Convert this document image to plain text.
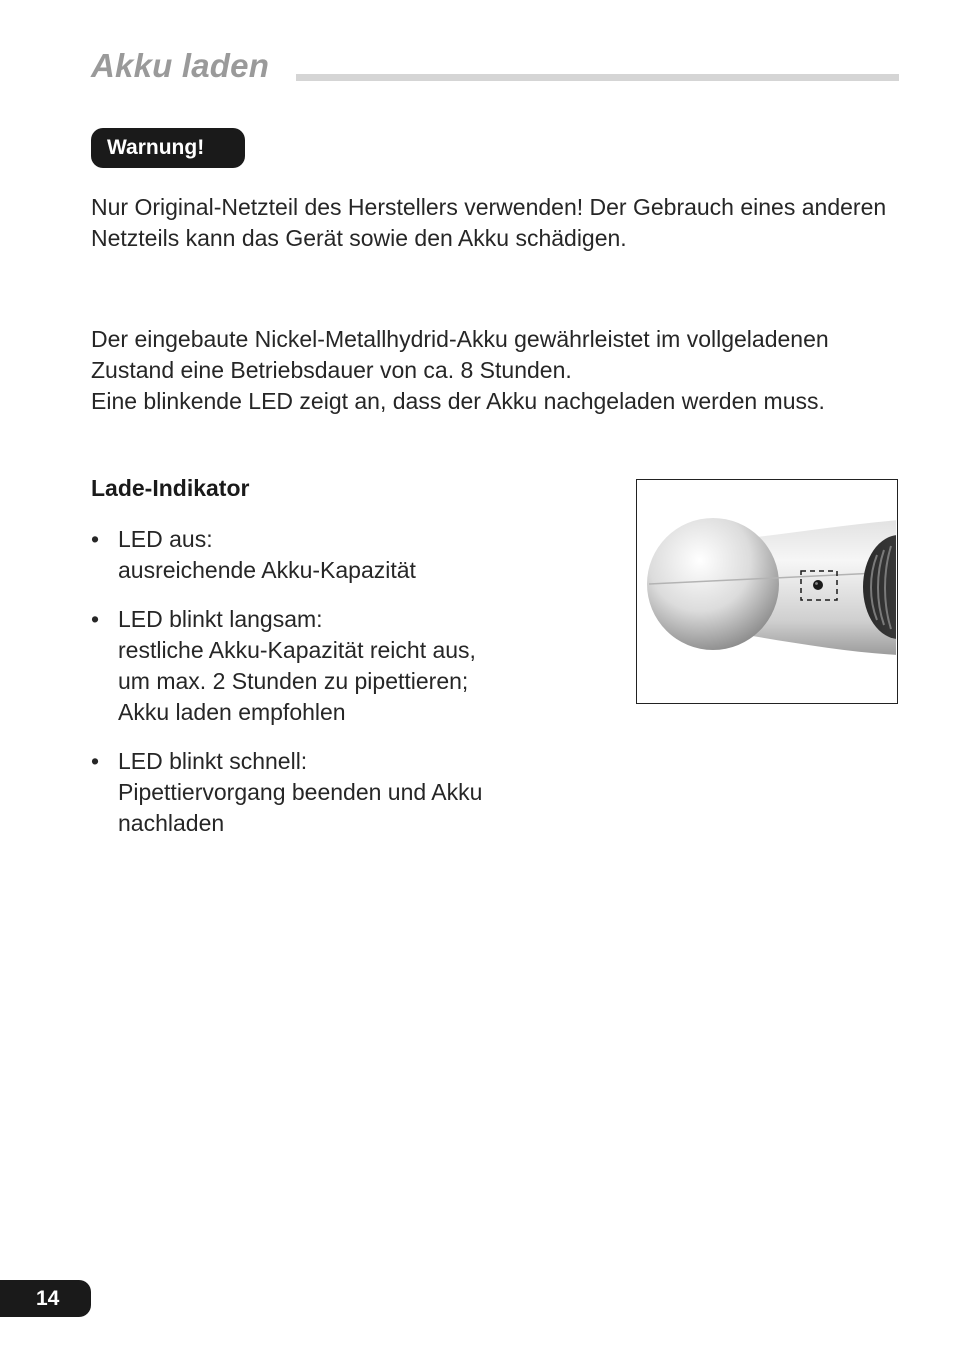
Akku laden
Warnung!

Nur Original-Netzteil des Herstellers verwenden! Der Gebrauch eines anderen Netzteils kann das Gerät sowie den Akku schädigen.

Der eingebaute Nickel-Metallhydrid-Akku gewährleistet im vollgeladenen
Zustand eine Betriebsdauer von ca. 8 Stunden.
Eine blinkende LED zeigt an, dass der Akku nachgeladen werden muss.

Lade-Indikator
• LED aus:
ausreichende Akku-Kapazität
• LED blinkt langsam:
restliche Akku-Kapazität reicht aus,
um max. 2 Stunden zu pipettieren;
Akku laden empfohlen
• LED blinkt schnell:
Pipettiervorgang beenden und Akku
nachladen
14
